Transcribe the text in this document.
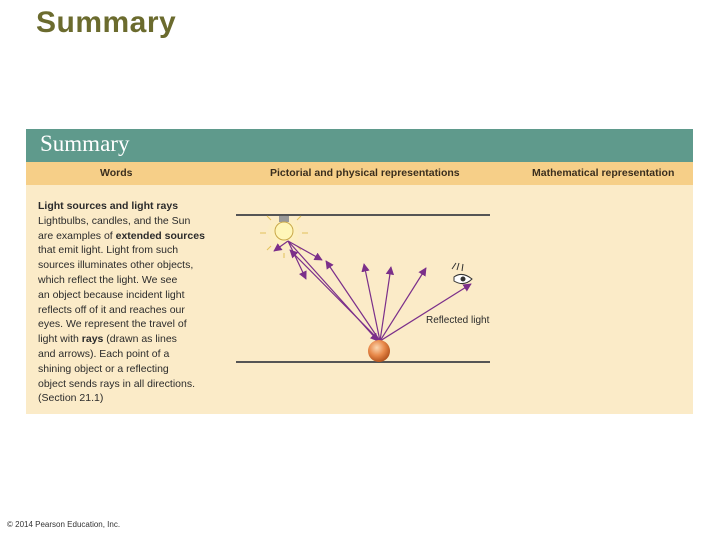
Summary
Summary
Words	Pictorial and physical representations	Mathematical representation
Light sources and light rays
Lightbulbs, candles, and the Sun
are examples of extended sources
that emit light. Light from such
sources illuminates other objects,
which reflect the light. We see
an object because incident light
reflects off of it and reaches our
eyes. We represent the travel of
light with rays (drawn as lines
and arrows). Each point of a
shining object or a reflecting
object sends rays in all directions.
(Section 21.1)
Reflected light
© 2014 Pearson Education, Inc.
